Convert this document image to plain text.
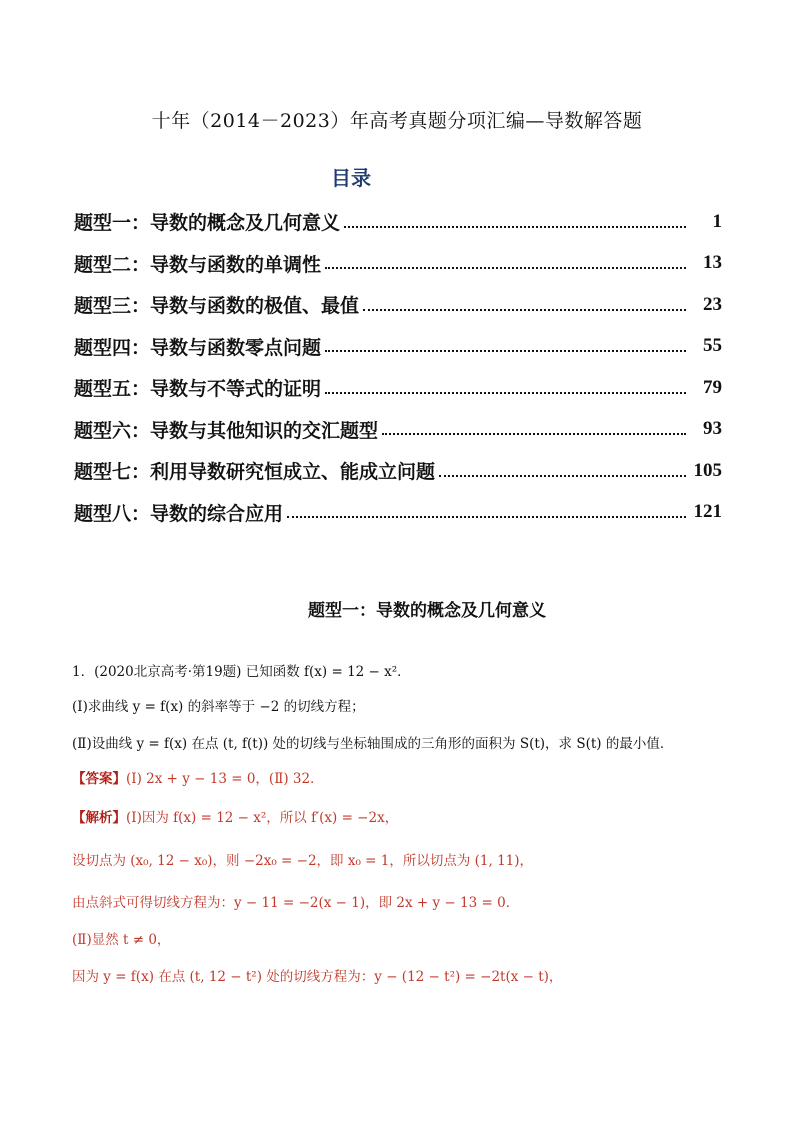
十年（2014－2023）年高考真题分项汇编—导数解答题
目录
题型一：导数的概念及几何意义	1
题型二：导数与函数的单调性	13
题型三：导数与函数的极值、最值	23
题型四：导数与函数零点问题	55
题型五：导数与不等式的证明	79
题型六：导数与其他知识的交汇题型	93
题型七：利用导数研究恒成立、能成立问题	105
题型八：导数的综合应用	121
题型一：导数的概念及几何意义
1．(2020北京高考·第19题) 已知函数 f(x) = 12 − x²．
(Ⅰ)求曲线 y = f(x) 的斜率等于 −2 的切线方程；
(Ⅱ)设曲线 y = f(x) 在点 (t, f(t)) 处的切线与坐标轴围成的三角形的面积为 S(t)，求 S(t) 的最小值．
【答案】(Ⅰ) 2x + y − 13 = 0，(Ⅱ) 32．
【解析】(Ⅰ)因为 f(x) = 12 − x²，所以 f′(x) = −2x，
设切点为 (x₀, 12 − x₀)，则 −2x₀ = −2，即 x₀ = 1，所以切点为 (1, 11)，
由点斜式可得切线方程为：y − 11 = −2(x − 1)，即 2x + y − 13 = 0．
(Ⅱ)显然 t ≠ 0，
因为 y = f(x) 在点 (t, 12 − t²) 处的切线方程为：y − (12 − t²) = −2t(x − t)，
